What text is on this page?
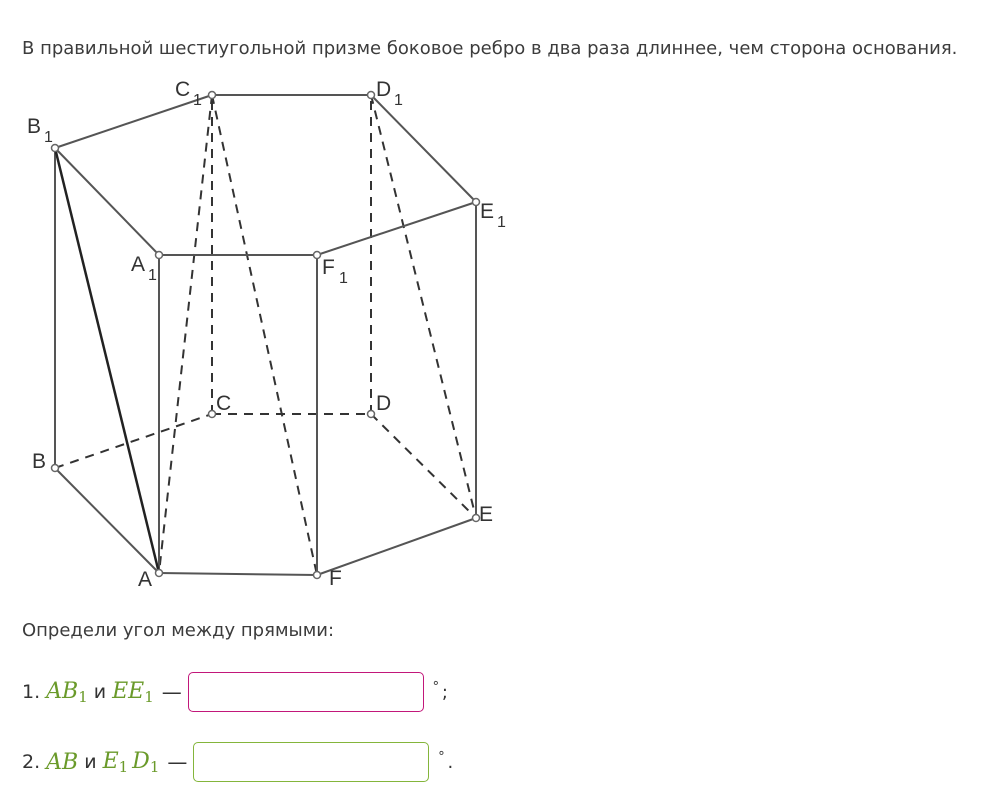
В правильной шестиугольной призме боковое ребро в два раза длиннее, чем сторона основания.
A
B
C	D
E
F
A 1
B 1
C 1	D 1
E 1
F 1
Определи угол между прямыми:
1. $AB_1$ и $EE_1$ —	∘ ;
2. AB и $E_1$ $D_1$ —	∘ .
